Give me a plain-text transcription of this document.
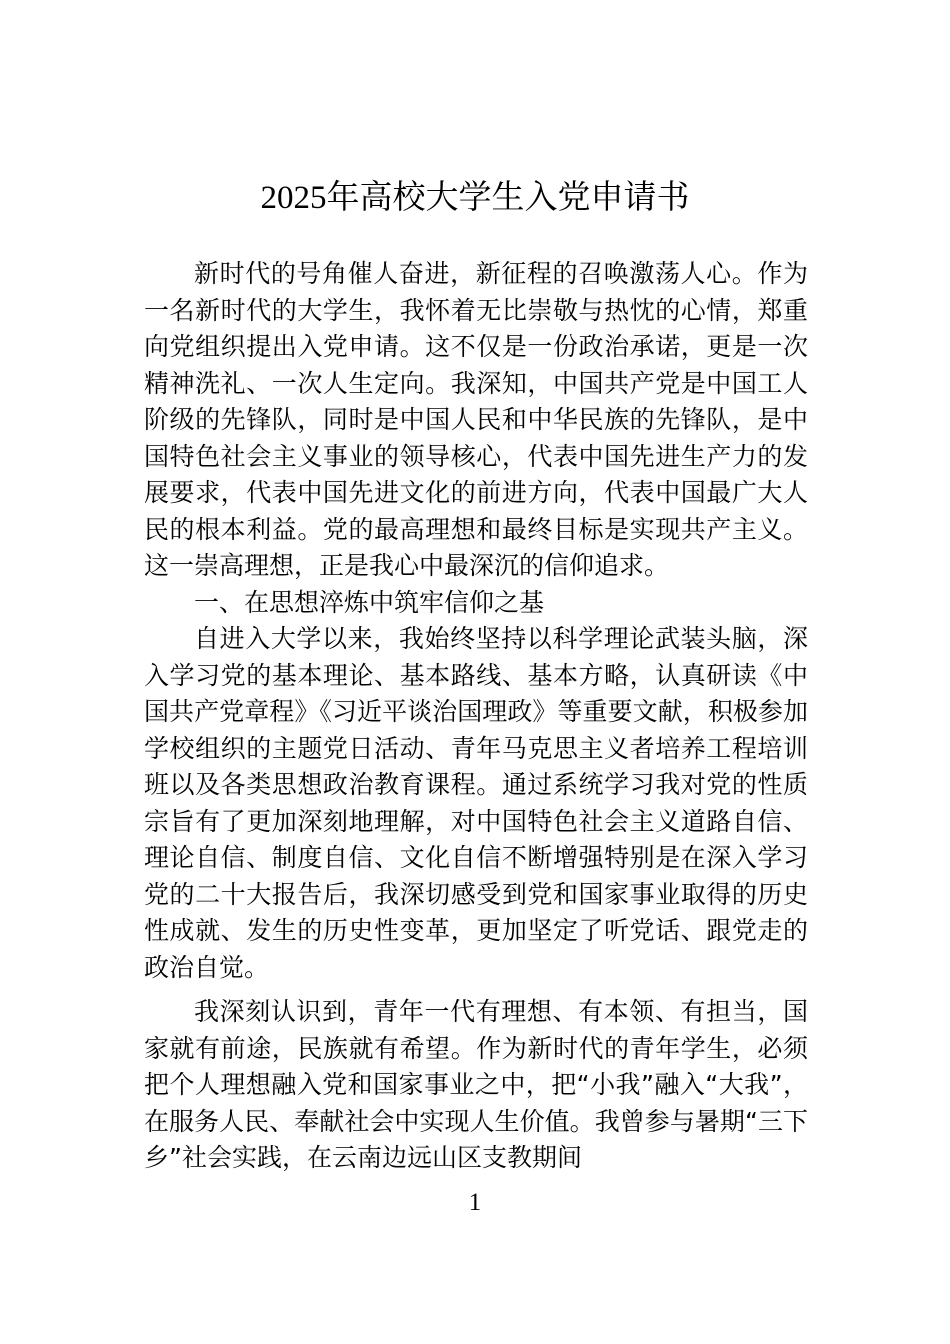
2025年高校大学生入党申请书

新时代的号角催人奋进，新征程的召唤激荡人心。作为一名新时代的大学生，我怀着无比崇敬与热忱的心情，郑重向党组织提出入党申请。这不仅是一份政治承诺，更是一次精神洗礼、一次人生定向。我深知，中国共产党是中国工人阶级的先锋队，同时是中国人民和中华民族的先锋队，是中国特色社会主义事业的领导核心，代表中国先进生产力的发展要求，代表中国先进文化的前进方向，代表中国最广大人民的根本利益。党的最高理想和最终目标是实现共产主义。这一崇高理想，正是我心中最深沉的信仰追求。

一、在思想淬炼中筑牢信仰之基

自进入大学以来，我始终坚持以科学理论武装头脑，深入学习党的基本理论、基本路线、基本方略，认真研读《中国共产党章程》《习近平谈治国理政》等重要文献，积极参加学校组织的主题党日活动、青年马克思主义者培养工程培训班以及各类思想政治教育课程。通过系统学习我对党的性质宗旨有了更加深刻地理解，对中国特色社会主义道路自信、理论自信、制度自信、文化自信不断增强特别是在深入学习党的二十大报告后，我深切感受到党和国家事业取得的历史性成就、发生的历史性变革，更加坚定了听党话、跟党走的政治自觉。

我深刻认识到，青年一代有理想、有本领、有担当，国家就有前途，民族就有希望。作为新时代的青年学生，必须把个人理想融入党和国家事业之中，把“小我”融入“大我”，在服务人民、奉献社会中实现人生价值。我曾参与暑期“三下乡”社会实践，在云南边远山区支教期间

1
